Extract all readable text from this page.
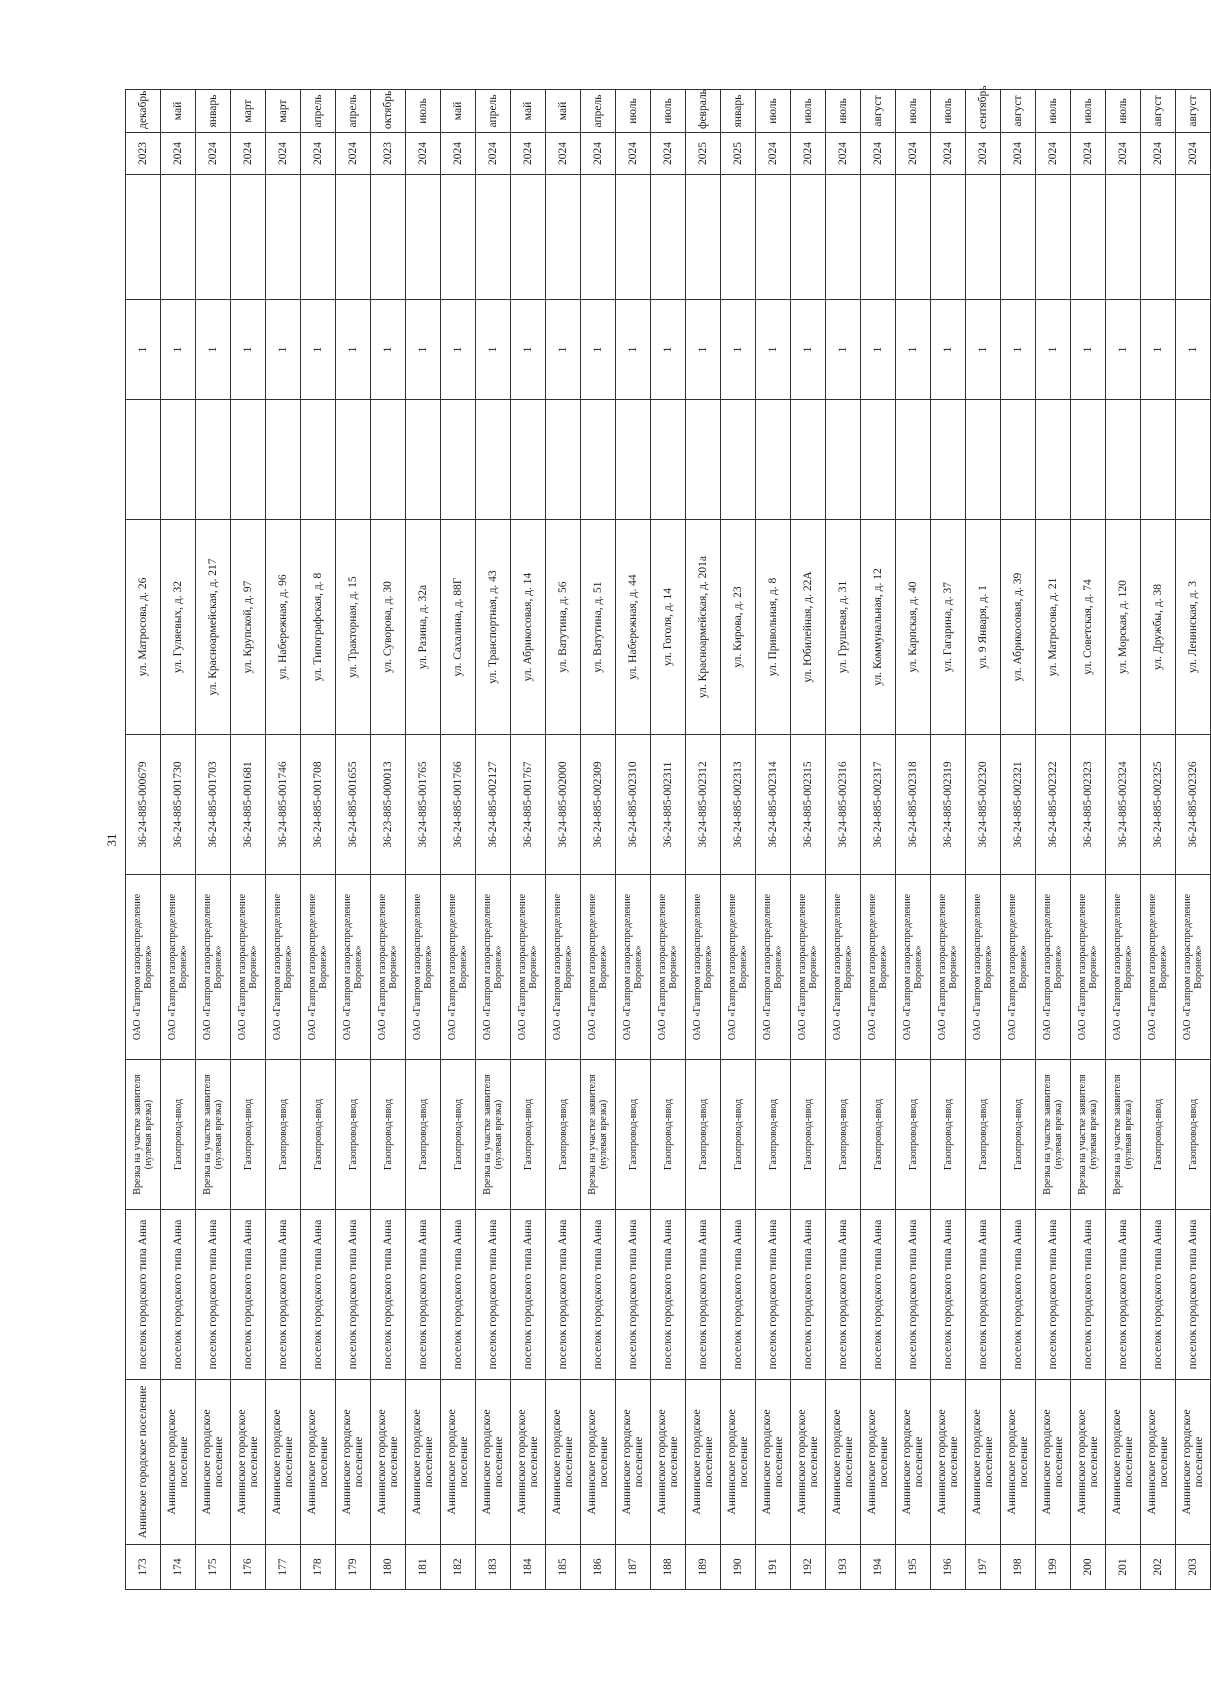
31
173	Анинское городское поселение	поселок городского типа Анна	Врезка на участке заявителя (нулевая врезка)	ОАО «Газпром газораспределение Воронеж»	36-24-885-000679	ул. Матросова, д. 26		1		2023	декабрь
174	Аннинское городское поселение	поселок городского типа Анна	Газопровод-ввод	ОАО «Газпром газораспределение Воронеж»	36-24-885-001730	ул. Гуляевых, д. 32		1		2024	май
175	Аннинское городское поселение	поселок городского типа Анна	Врезка на участке заявителя (нулевая врезка)	ОАО «Газпром газораспределение Воронеж»	36-24-885-001703	ул. Красноармейская, д. 217		1		2024	январь
176	Аннинское городское поселение	поселок городского типа Анна	Газопровод-ввод	ОАО «Газпром газораспределение Воронеж»	36-24-885-001681	ул. Крупской, д. 97		1		2024	март
177	Аннинское городское поселение	поселок городского типа Анна	Газопровод-ввод	ОАО «Газпром газораспределение Воронеж»	36-24-885-001746	ул. Набережная, д. 96		1		2024	март
178	Аннинское городское поселение	поселок городского типа Анна	Газопровод-ввод	ОАО «Газпром газораспределение Воронеж»	36-24-885-001708	ул. Типографская, д. 8		1		2024	апрель
179	Аннинское городское поселение	поселок городского типа Анна	Газопровод-ввод	ОАО «Газпром газораспределение Воронеж»	36-24-885-001655	ул. Тракторная, д. 15		1		2024	апрель
180	Аннинское городское поселение	поселок городского типа Анна	Газопровод-ввод	ОАО «Газпром газораспределение Воронеж»	36-23-885-000013	ул. Суворова, д. 30		1		2023	октябрь
181	Аннинское городское поселение	поселок городского типа Анна	Газопровод-ввод	ОАО «Газпром газораспределение Воронеж»	36-24-885-001765	ул. Разина, д. 32а		1		2024	июль
182	Аннинское городское поселение	поселок городского типа Анна	Газопровод-ввод	ОАО «Газпром газораспределение Воронеж»	36-24-885-001766	ул. Сахалина, д. 88Г		1		2024	май
183	Аннинское городское поселение	поселок городского типа Анна	Врезка на участке заявителя (нулевая врезка)	ОАО «Газпром газораспределение Воронеж»	36-24-885-002127	ул. Транспортная, д. 43		1		2024	апрель
184	Аннинское городское поселение	поселок городского типа Анна	Газопровод-ввод	ОАО «Газпром газораспределение Воронеж»	36-24-885-001767	ул. Абрикосовая, д. 14		1		2024	май
185	Аннинское городское поселение	поселок городского типа Анна	Газопровод-ввод	ОАО «Газпром газораспределение Воронеж»	36-24-885-002000	ул. Ватутина, д. 56		1		2024	май
186	Аннинское городское поселение	поселок городского типа Анна	Врезка на участке заявителя (нулевая врезка)	ОАО «Газпром газораспределение Воронеж»	36-24-885-002309	ул. Ватутина, д. 51		1		2024	апрель
187	Аннинское городское поселение	поселок городского типа Анна	Газопровод-ввод	ОАО «Газпром газораспределение Воронеж»	36-24-885-002310	ул. Набережная, д. 44		1		2024	июль
188	Аннинское городское поселение	поселок городского типа Анна	Газопровод-ввод	ОАО «Газпром газораспределение Воронеж»	36-24-885-002311	ул. Гоголя, д. 14		1		2024	июль
189	Аннинское городское поселение	поселок городского типа Анна	Газопровод-ввод	ОАО «Газпром газораспределение Воронеж»	36-24-885-002312	ул. Красноармейская, д. 201а		1		2025	февраль
190	Аннинское городское поселение	поселок городского типа Анна	Газопровод-ввод	ОАО «Газпром газораспределение Воронеж»	36-24-885-002313	ул. Кирова, д. 23		1		2025	январь
191	Аннинское городское поселение	поселок городского типа Анна	Газопровод-ввод	ОАО «Газпром газораспределение Воронеж»	36-24-885-002314	ул. Привольная, д. 8		1		2024	июль
192	Аннинское городское поселение	поселок городского типа Анна	Газопровод-ввод	ОАО «Газпром газораспределение Воронеж»	36-24-885-002315	ул. Юбилейная, д. 22А		1		2024	июль
193	Аннинское городское поселение	поселок городского типа Анна	Газопровод-ввод	ОАО «Газпром газораспределение Воронеж»	36-24-885-002316	ул. Грушевая, д. 31		1		2024	июль
194	Аннинское городское поселение	поселок городского типа Анна	Газопровод-ввод	ОАО «Газпром газораспределение Воронеж»	36-24-885-002317	ул. Коммунальная, д. 12		1		2024	август
195	Аннинское городское поселение	поселок городского типа Анна	Газопровод-ввод	ОАО «Газпром газораспределение Воронеж»	36-24-885-002318	ул. Карпская, д. 40		1		2024	июль
196	Аннинское городское поселение	поселок городского типа Анна	Газопровод-ввод	ОАО «Газпром газораспределение Воронеж»	36-24-885-002319	ул. Гагарина, д. 37		1		2024	июль
197	Аннинское городское поселение	поселок городского типа Анна	Газопровод-ввод	ОАО «Газпром газораспределение Воронеж»	36-24-885-002320	ул. 9 Января, д. 1		1		2024	сентябрь
198	Аннинское городское поселение	поселок городского типа Анна	Газопровод-ввод	ОАО «Газпром газораспределение Воронеж»	36-24-885-002321	ул. Абрикосовая, д. 39		1		2024	август
199	Аннинское городское поселение	поселок городского типа Анна	Врезка на участке заявителя (нулевая врезка)	ОАО «Газпром газораспределение Воронеж»	36-24-885-002322	ул. Матросова, д. 21		1		2024	июль
200	Аннинское городское поселение	поселок городского типа Анна	Врезка на участке заявителя (нулевая врезка)	ОАО «Газпром газораспределение Воронеж»	36-24-885-002323	ул. Советская, д. 74		1		2024	июль
201	Аннинское городское поселение	поселок городского типа Анна	Врезка на участке заявителя (нулевая врезка)	ОАО «Газпром газораспределение Воронеж»	36-24-885-002324	ул. Морская, д. 120		1		2024	июль
202	Аннинское городское поселение	поселок городского типа Анна	Газопровод-ввод	ОАО «Газпром газораспределение Воронеж»	36-24-885-002325	ул. Дружбы, д. 38		1		2024	август
203	Аннинское городское поселение	поселок городского типа Анна	Газопровод-ввод	ОАО «Газпром газораспределение Воронеж»	36-24-885-002326	ул. Ленинская, д. 3		1		2024	август
